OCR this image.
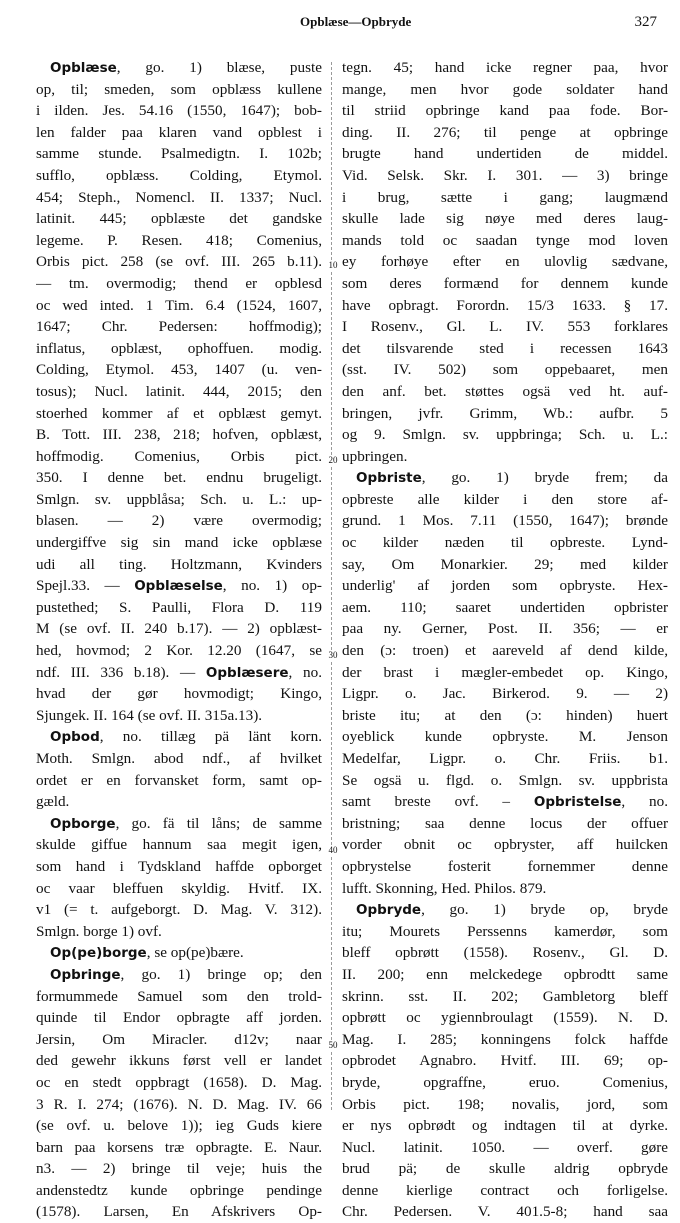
Opblæse—Opbryde	327
Opblæse, go. 1) blæse, puste
op, til; smeden, som opblæss kullene
i ilden. Jes. 54.16 (1550, 1647); bob-
len falder paa klaren vand opblest i
samme stunde. Psalmedigtn. I. 102b;
sufflo, opblæss. Colding, Etymol.
454; Steph., Nomencl. II. 1337; Nucl.
latinit. 445; opblæste det gandske
legeme. P. Resen. 418; Comenius,
Orbis pict. 258 (se ovf. III. 265 b.11).
— tm. overmodig; thend er opblesd
oc wed inted. 1 Tim. 6.4 (1524, 1607,
1647; Chr. Pedersen: hoffmodig);
inflatus, opblæst, ophoffuen. modig.
Colding, Etymol. 453, 1407 (u. ven-
tosus); Nucl. latinit. 444, 2015; den
stoerhed kommer af et opblæst gemyt.
B. Tott. III. 238, 218; hofven, opblæst,
hoffmodig. Comenius, Orbis pict.
350. I denne bet. endnu brugeligt.
Smlgn. sv. uppblåsa; Sch. u. L.: up-
blasen. — 2) være overmodig;
undergiffve sig sin mand icke opblæse
udi all ting. Holtzmann, Kvinders
Spejl.33. — Opblæselse, no. 1) op-
pustethed; S. Paulli, Flora D. 119
M (se ovf. II. 240 b.17). — 2) opblæst-
hed, hovmod; 2 Kor. 12.20 (1647, se
ndf. III. 336 b.18). — Opblæsere, no.
hvad der gør hovmodigt; Kingo,
Sjungek. II. 164 (se ovf. II. 315a.13).
Opbod, no. tillæg pä länt korn.
Moth. Smlgn. abod ndf., af hvilket
ordet er en forvansket form, samt op-
gæld.
Opborge, go. fä til låns; de samme
skulde giffue hannum saa megit igen,
som hand i Tydskland haffde opborget
oc vaar bleffuen skyldig. Hvitf. IX.
v1 (= t. aufgeborgt. D. Mag. V. 312).
Smlgn. borge 1) ovf.
Op(pe)borge, se op(pe)bære.
Opbringe, go. 1) bringe op; den
formummede Samuel som den trold-
quinde til Endor opbragte aff jorden.
Jersin, Om Miracler. d12v; naar
ded gewehr ikkuns først vell er landet
oc en stedt oppbragt (1658). D. Mag.
3 R. I. 274; (1676). N. D. Mag. IV. 66
(se ovf. u. belove 1)); ieg Guds kiere
barn paa korsens træ opbragte. E. Naur.
n3. — 2) bringe til veje; huis the
andenstedtz kunde opbringe pendinge
(1578). Larsen, En Afskrivers Op-
tegn. 45; hand icke regner paa, hvor
mange, men hvor gode soldater hand
til striid opbringe kand paa fode. Bor-
ding. II. 276; til penge at opbringe
brugte hand undertiden de middel.
Vid. Selsk. Skr. I. 301. — 3) bringe
i brug, sætte i gang; laugmænd
skulle lade sig nøye med deres laug-
mands told oc saadan tynge mod loven
ey forhøye efter en ulovlig sædvane,
som deres formænd for dennem kunde
have opbragt. Forordn. 15/3 1633. § 17.
I Rosenv., Gl. L. IV. 553 forklares
det tilsvarende sted i recessen 1643
(sst. IV. 502) som oppebaaret, men
den anf. bet. støttes ogsä ved ht. auf-
bringen, jvfr. Grimm, Wb.: aufbr. 5
og 9. Smlgn. sv. uppbringa; Sch. u. L.:
upbringen.
Opbriste, go. 1) bryde frem; da
opbreste alle kilder i den store af-
grund. 1 Mos. 7.11 (1550, 1647); brønde
oc kilder næden til opbreste. Lynd-
say, Om Monarkier. 29; med kilder
underlig' af jorden som opbryste. Hex-
aem. 110; saaret undertiden opbrister
paa ny. Gerner, Post. II. 356; — er
den (ɔ: troen) et aareveld af dend kilde,
der brast i mægler-embedet op. Kingo,
Ligpr. o. Jac. Birkerod. 9. — 2)
briste itu; at den (ɔ: hinden) huert
oyeblick kunde opbryste. M. Jenson
Medelfar, Ligpr. o. Chr. Friis. b1.
Se ogsä u. flgd. o. Smlgn. sv. uppbrista
samt breste ovf. – Opbristelse, no.
bristning; saa denne locus der offuer
vorder obnit oc opbryster, aff huilcken
opbrystelse fosterit fornemmer denne
lufft. Skonning, Hed. Philos. 879.
Opbryde, go. 1) bryde op, bryde
itu; Mourets Perssenns kamerdør, som
bleff opbrøtt (1558). Rosenv., Gl. D.
II. 200; enn melckedege opbrodtt same
skrinn. sst. II. 202; Gambletorg bleff
opbrøtt oc ygiennbroulagt (1559). N. D.
Mag. I. 285; konningens folck haffde
opbrodet Agnabro. Hvitf. III. 69; op-
bryde, opgraffne, eruo. Comenius,
Orbis pict. 198; novalis, jord, som
er nys opbrødt og indtagen til at dyrke.
Nucl. latinit. 1050. — overf. gøre
brud pä; de skulle aldrig opbryde
denne kierlige contract och forligelse.
Chr. Pedersen. V. 401.5-8; hand saa
10
20
30
40
50
